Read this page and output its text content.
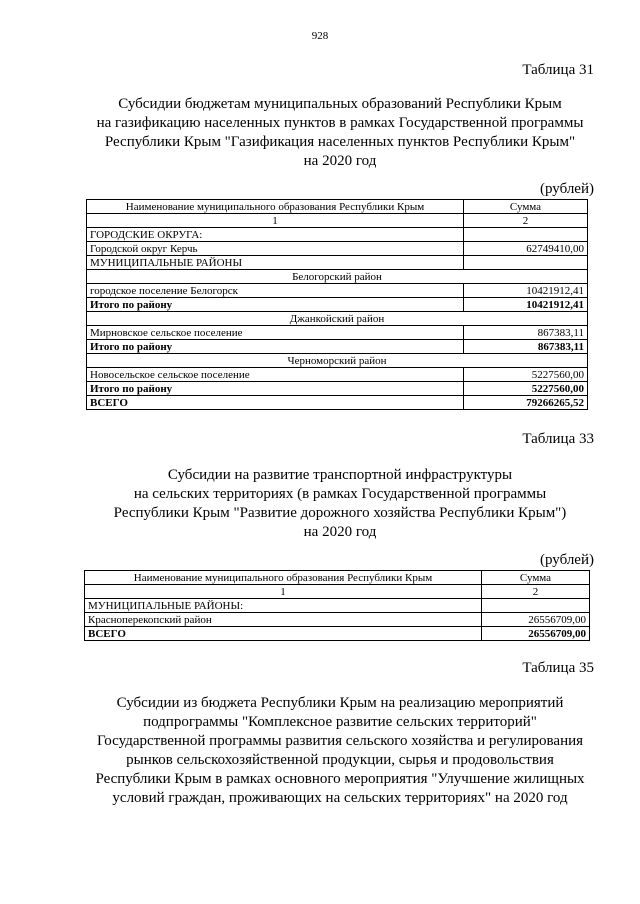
928
Таблица 31
Субсидии бюджетам муниципальных образований Республики Крым
на газификацию населенных пунктов в рамках Государственной программы
Республики Крым "Газификация населенных пунктов Республики Крым"
на 2020 год
(рублей)
Наименование муниципального образования Республики Крым	Сумма
1	2
ГОРОДСКИЕ ОКРУГА:	
Городской округ Керчь	62749410,00
МУНИЦИПАЛЬНЫЕ РАЙОНЫ	
Белогорский район	
городское поселение Белогорск	10421912,41
Итого по району	10421912,41
Джанкойский район	
Мирновское сельское поселение	867383,11
Итого по району	867383,11
Черноморский район	
Новосельское сельское поселение	5227560,00
Итого по району	5227560,00
ВСЕГО	79266265,52
Таблица 33
Субсидии на развитие транспортной инфраструктуры
на сельских территориях (в рамках Государственной программы
Республики Крым "Развитие дорожного хозяйства Республики Крым")
на 2020 год
(рублей)
Наименование муниципального образования Республики Крым	Сумма
1	2
МУНИЦИПАЛЬНЫЕ РАЙОНЫ:	
Красноперекопский район	26556709,00
ВСЕГО	26556709,00
Таблица 35
Субсидии из бюджета Республики Крым на реализацию мероприятий
подпрограммы "Комплексное развитие сельских территорий"
Государственной программы развития сельского хозяйства и регулирования
рынков сельскохозяйственной продукции, сырья и продовольствия
Республики Крым в рамках основного мероприятия "Улучшение жилищных
условий граждан, проживающих на сельских территориях" на 2020 год
